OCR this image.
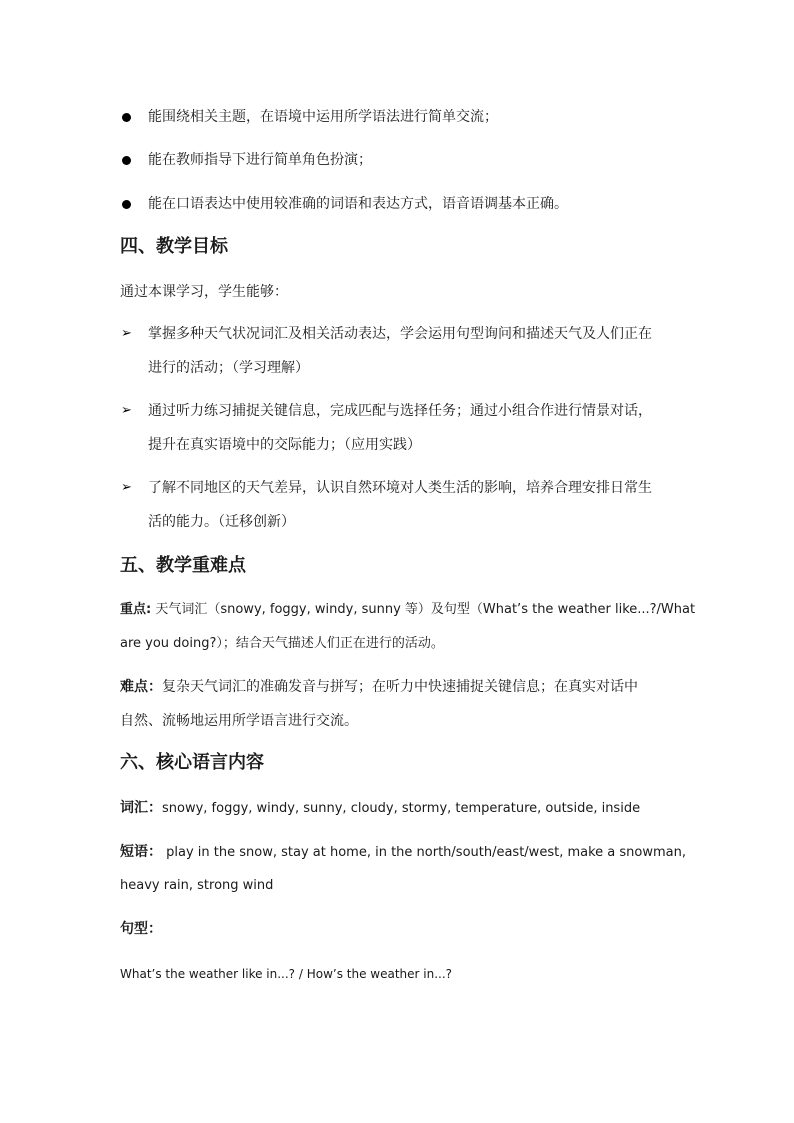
能围绕相关主题，在语境中运用所学语法进行简单交流；
能在教师指导下进行简单角色扮演；
能在口语表达中使用较准确的词语和表达方式，语音语调基本正确。
四、教学目标
通过本课学习，学生能够：
➢ 掌握多种天气状况词汇及相关活动表达，学会运用句型询问和描述天气及人们正在
进行的活动；（学习理解）
➢ 通过听力练习捕捉关键信息，完成匹配与选择任务；通过小组合作进行情景对话，
提升在真实语境中的交际能力；（应用实践）
➢ 了解不同地区的天气差异，认识自然环境对人类生活的影响，培养合理安排日常生
活的能力。（迁移创新）
五、教学重难点
重点: 天气词汇（snowy, foggy, windy, sunny 等）及句型（What’s the weather like...?/What
are you doing?）；结合天气描述人们正在进行的活动。
难点：复杂天气词汇的准确发音与拼写；在听力中快速捕捉关键信息；在真实对话中
自然、流畅地运用所学语言进行交流。
六、核心语言内容
词汇：snowy, foggy, windy, sunny, cloudy, stormy, temperature, outside, inside
短语： play in the snow, stay at home, in the north/south/east/west, make a snowman,
heavy rain, strong wind
句型：
What’s the weather like in...? / How’s the weather in...?
